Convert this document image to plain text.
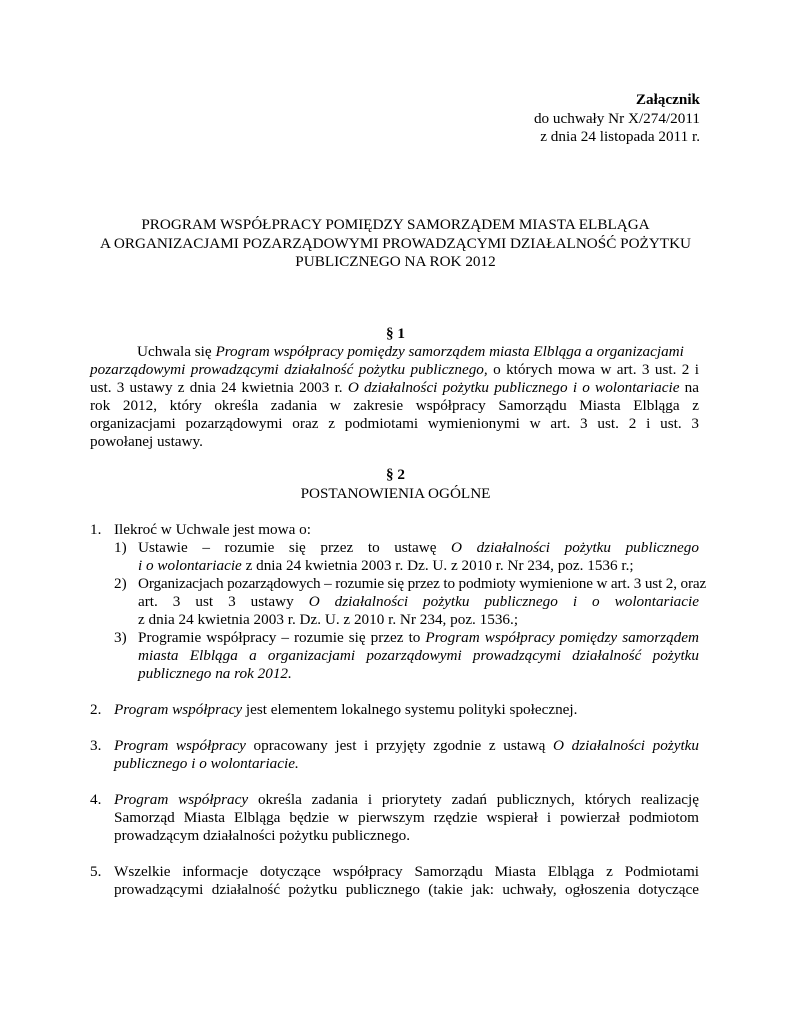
Załącznik
do uchwały Nr X/274/2011
z dnia 24 listopada 2011 r.
PROGRAM WSPÓŁPRACY POMIĘDZY SAMORZĄDEM MIASTA ELBLĄGA
A ORGANIZACJAMI POZARZĄDOWYMI PROWADZĄCYMI DZIAŁALNOŚĆ POŻYTKU
PUBLICZNEGO NA ROK 2012
§ 1
Uchwala się Program współpracy pomiędzy samorządem miasta Elbląga a organizacjami
pozarządowymi prowadzącymi działalność pożytku publicznego, o których mowa w art. 3 ust. 2 i
ust. 3 ustawy z dnia 24 kwietnia 2003 r. O działalności pożytku publicznego i o wolontariacie na
rok 2012, który określa zadania w zakresie współpracy Samorządu Miasta Elbląga z
organizacjami pozarządowymi oraz z podmiotami wymienionymi w art. 3 ust. 2 i ust. 3
powołanej ustawy.
§ 2
POSTANOWIENIA OGÓLNE
1. Ilekroć w Uchwale jest mowa o:
1) Ustawie – rozumie się przez to ustawę O działalności pożytku publicznego
i o wolontariacie z dnia 24 kwietnia 2003 r. Dz. U. z 2010 r. Nr 234, poz. 1536 r.;
2) Organizacjach pozarządowych – rozumie się przez to podmioty wymienione w art. 3 ust 2, oraz
art. 3 ust 3 ustawy O działalności pożytku publicznego i o wolontariacie
z dnia 24 kwietnia 2003 r. Dz. U. z 2010 r. Nr 234, poz. 1536.;
3) Programie współpracy – rozumie się przez to Program współpracy pomiędzy samorządem
miasta Elbląga a organizacjami pozarządowymi prowadzącymi działalność pożytku
publicznego na rok 2012.
2. Program współpracy jest elementem lokalnego systemu polityki społecznej.
3. Program współpracy opracowany jest i przyjęty zgodnie z ustawą O działalności pożytku
publicznego i o wolontariacie.
4. Program współpracy określa zadania i priorytety zadań publicznych, których realizację
Samorząd Miasta Elbląga będzie w pierwszym rzędzie wspierał i powierzał podmiotom
prowadzącym działalności pożytku publicznego.
5. Wszelkie informacje dotyczące współpracy Samorządu Miasta Elbląga z Podmiotami
prowadzącymi działalność pożytku publicznego (takie jak: uchwały, ogłoszenia dotyczące
